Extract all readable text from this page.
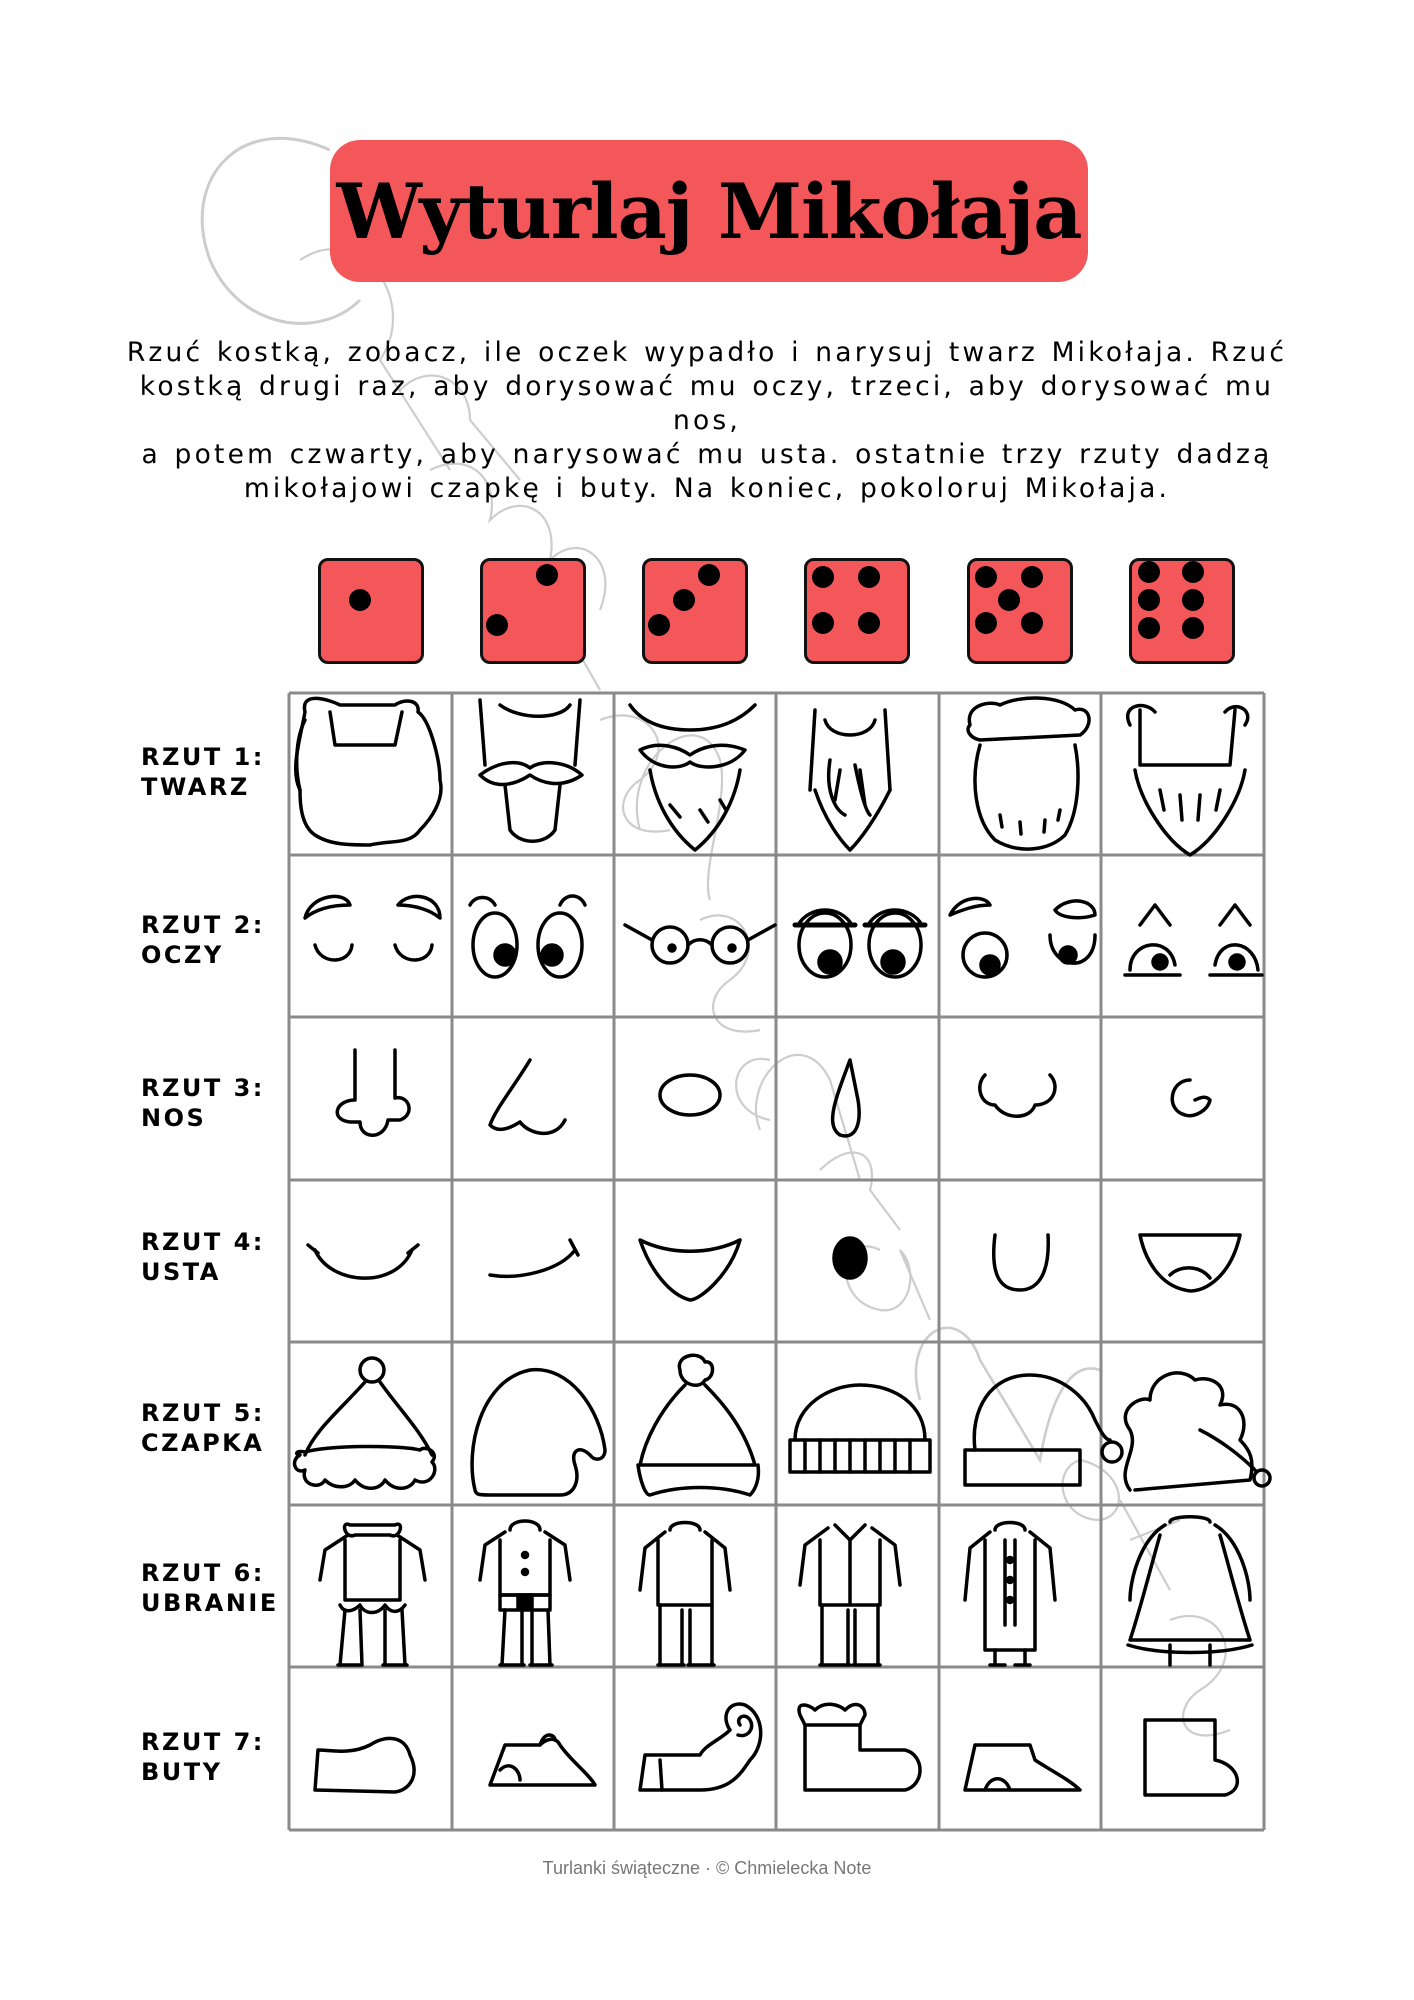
Wyturlaj Mikołaja
Rzuć kostką, zobacz, ile oczek wypadło i narysuj twarz Mikołaja. Rzuć
kostką drugi raz, aby dorysować mu oczy, trzeci, aby dorysować mu nos,
a potem czwarty, aby narysować mu usta. ostatnie trzy rzuty dadzą
mikołajowi czapkę i buty. Na koniec, pokoloruj Mikołaja.
RZUT 1:
TWARZ
RZUT 2:
OCZY
RZUT 3:
NOS
RZUT 4:
USTA
RZUT 5:
CZAPKA
RZUT 6:
UBRANIE
RZUT 7:
BUTY
Turlanki świąteczne · © Chmielecka Note
